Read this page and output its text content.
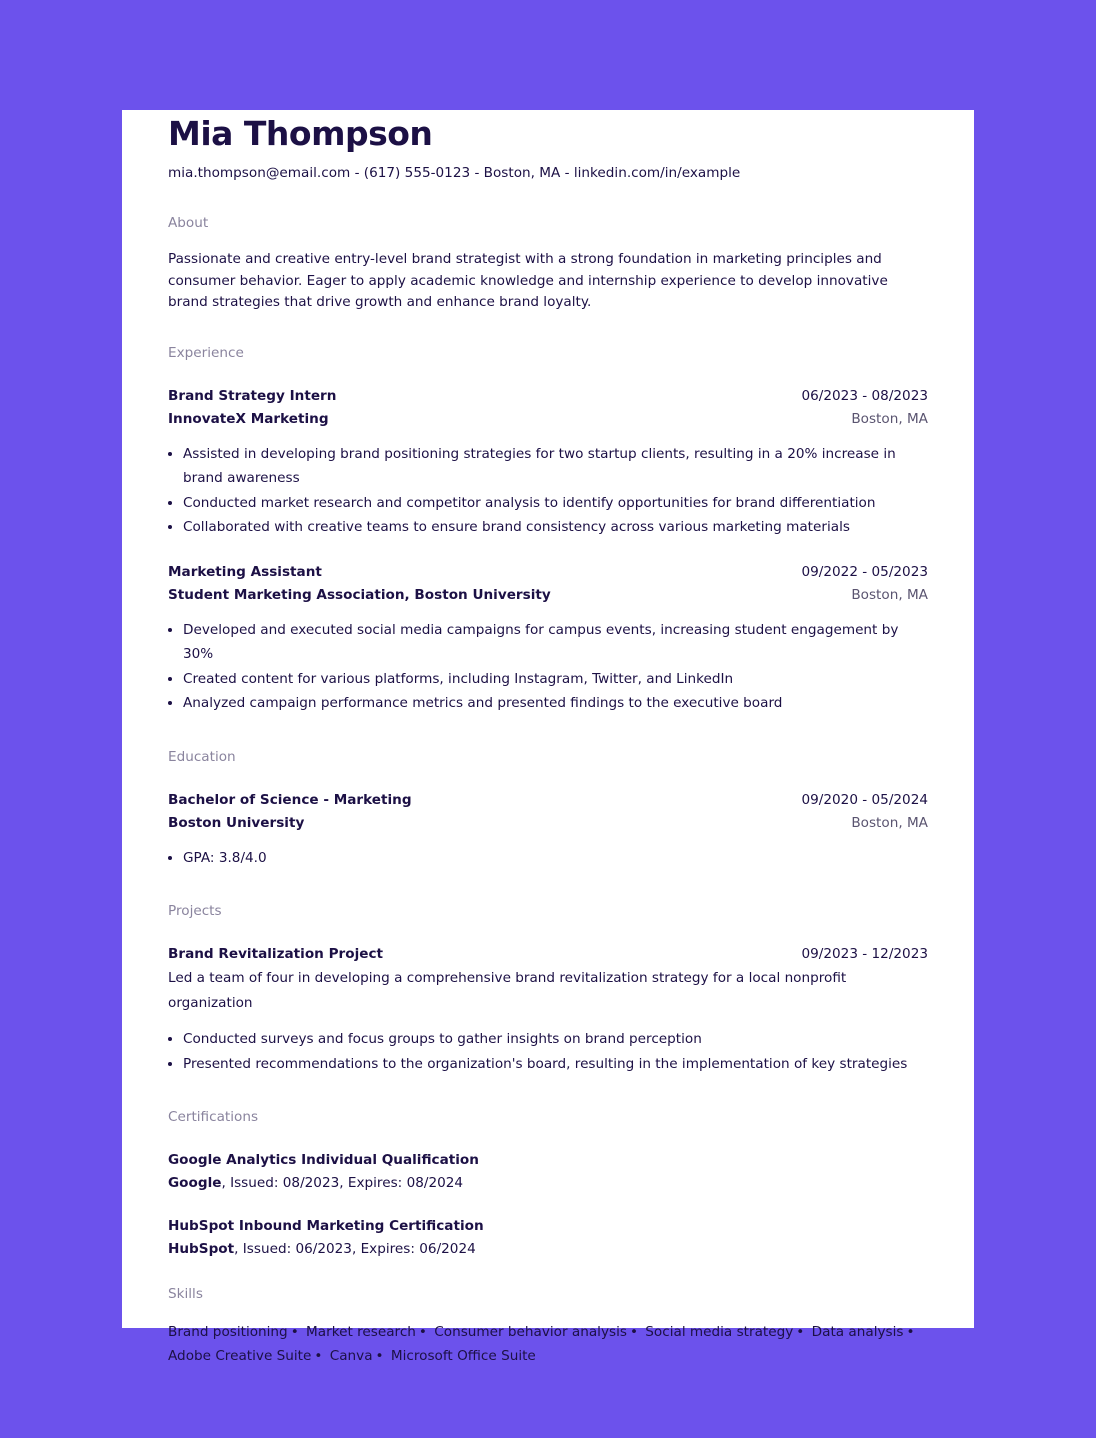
Mia Thompson
mia.thompson@email.com - (617) 555-0123 - Boston, MA - linkedin.com/in/example
About
Passionate and creative entry-level brand strategist with a strong foundation in marketing principles and consumer behavior. Eager to apply academic knowledge and internship experience to develop innovative brand strategies that drive growth and enhance brand loyalty.
Experience
Brand Strategy Intern	06/2023 - 08/2023
InnovateX Marketing	Boston, MA
• Assisted in developing brand positioning strategies for two startup clients, resulting in a 20% increase in brand awareness
• Conducted market research and competitor analysis to identify opportunities for brand differentiation
• Collaborated with creative teams to ensure brand consistency across various marketing materials
Marketing Assistant	09/2022 - 05/2023
Student Marketing Association, Boston University	Boston, MA
• Developed and executed social media campaigns for campus events, increasing student engagement by 30%
• Created content for various platforms, including Instagram, Twitter, and LinkedIn
• Analyzed campaign performance metrics and presented findings to the executive board
Education
Bachelor of Science - Marketing	09/2020 - 05/2024
Boston University	Boston, MA
• GPA: 3.8/4.0
Projects
Brand Revitalization Project	09/2023 - 12/2023
Led a team of four in developing a comprehensive brand revitalization strategy for a local nonprofit organization
• Conducted surveys and focus groups to gather insights on brand perception
• Presented recommendations to the organization's board, resulting in the implementation of key strategies
Certifications
Google Analytics Individual Qualification
Google, Issued: 08/2023, Expires: 08/2024
HubSpot Inbound Marketing Certification
HubSpot, Issued: 06/2023, Expires: 06/2024
Skills
Brand positioning • Market research • Consumer behavior analysis • Social media strategy • Data analysis •
Adobe Creative Suite • Canva • Microsoft Office Suite
